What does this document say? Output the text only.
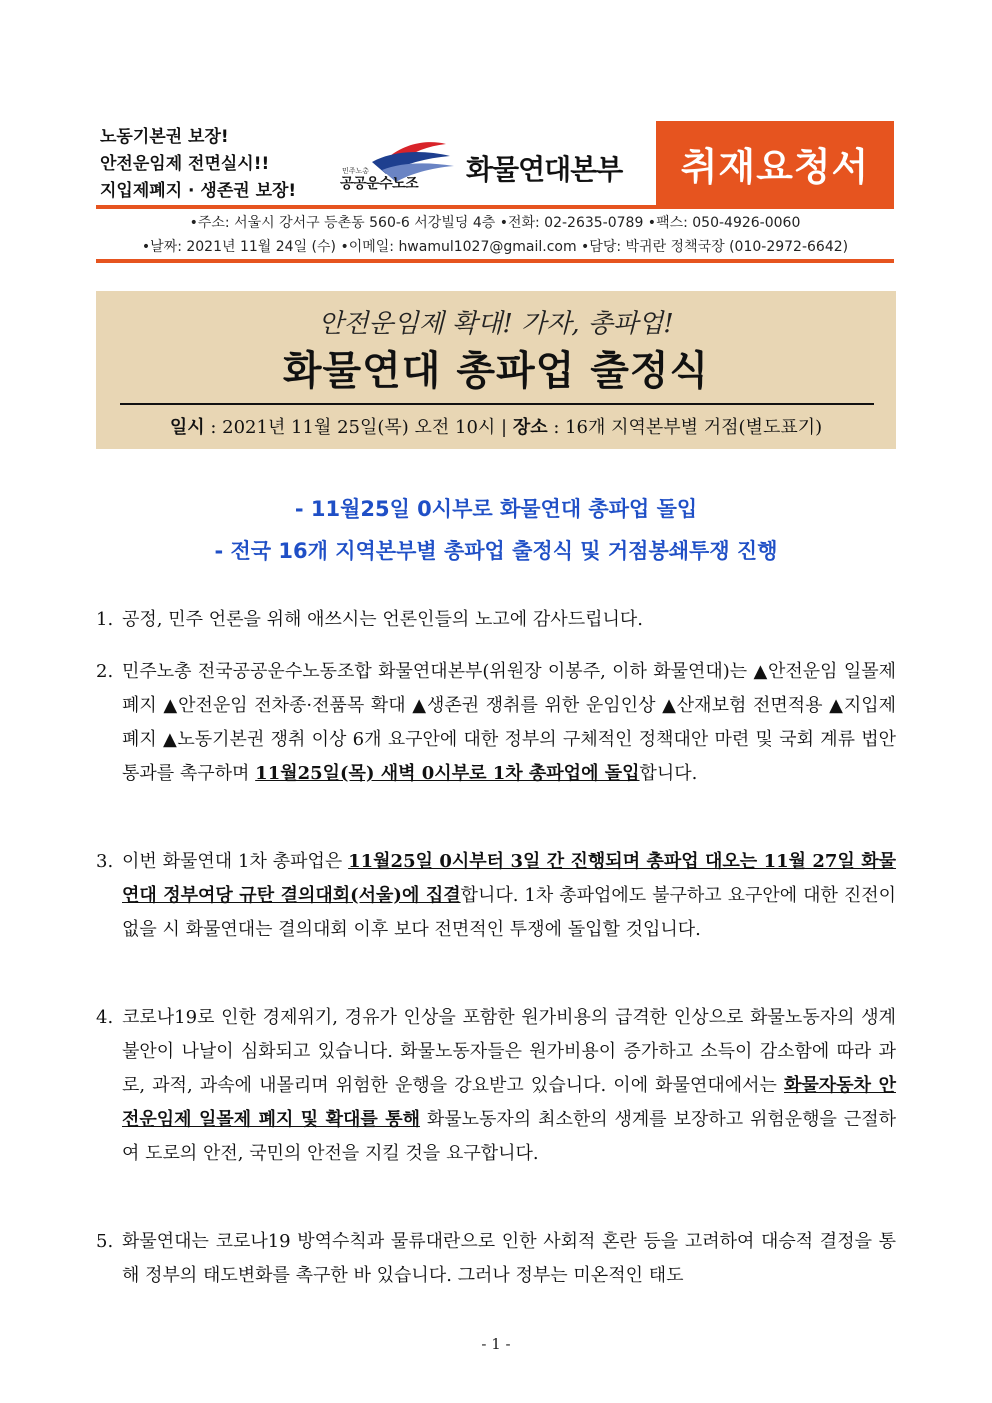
노동기본권 보장!
안전운임제 전면실시!!
지입제폐지 · 생존권 보장!
민주노총
공공운수노조 화물연대본부	취재요청서
•주소: 서울시 강서구 등촌동 560-6 서강빌딩 4층 •전화: 02-2635-0789 •팩스: 050-4926-0060
•날짜: 2021년 11월 24일 (수) •이메일: hwamul1027@gmail.com •담당: 박귀란 정책국장 (010-2972-6642)
안전운임제 확대! 가자, 총파업!
화물연대 총파업 출정식
일시 : 2021년 11월 25일(목) 오전 10시 | 장소 : 16개 지역본부별 거점(별도표기)
- 11월25일 0시부로 화물연대 총파업 돌입
- 전국 16개 지역본부별 총파업 출정식 및 거점봉쇄투쟁 진행
1. 공정, 민주 언론을 위해 애쓰시는 언론인들의 노고에 감사드립니다.
2. 민주노총 전국공공운수노동조합 화물연대본부(위원장 이봉주, 이하 화물연대)는 ▲안전운임 일몰제 폐지 ▲안전운임 전차종·전품목 확대 ▲생존권 쟁취를 위한 운임인상 ▲산재보험 전면적용 ▲지입제폐지 ▲노동기본권 쟁취 이상 6개 요구안에 대한 정부의 구체적인 정책대안 마련 및 국회 계류 법안 통과를 촉구하며 11월25일(목) 새벽 0시부로 1차 총파업에 돌입합니다.
3. 이번 화물연대 1차 총파업은 11월25일 0시부터 3일 간 진행되며 총파업 대오는 11월 27일 화물연대 정부여당 규탄 결의대회(서울)에 집결합니다. 1차 총파업에도 불구하고 요구안에 대한 진전이 없을 시 화물연대는 결의대회 이후 보다 전면적인 투쟁에 돌입할 것입니다.
4. 코로나19로 인한 경제위기, 경유가 인상을 포함한 원가비용의 급격한 인상으로 화물노동자의 생계 불안이 나날이 심화되고 있습니다. 화물노동자들은 원가비용이 증가하고 소득이 감소함에 따라 과로, 과적, 과속에 내몰리며 위험한 운행을 강요받고 있습니다. 이에 화물연대에서는 화물자동차 안전운임제 일몰제 폐지 및 확대를 통해 화물노동자의 최소한의 생계를 보장하고 위험운행을 근절하여 도로의 안전, 국민의 안전을 지킬 것을 요구합니다.
5. 화물연대는 코로나19 방역수칙과 물류대란으로 인한 사회적 혼란 등을 고려하여 대승적 결정을 통해 정부의 태도변화를 촉구한 바 있습니다. 그러나 정부는 미온적인 태도
- 1 -
